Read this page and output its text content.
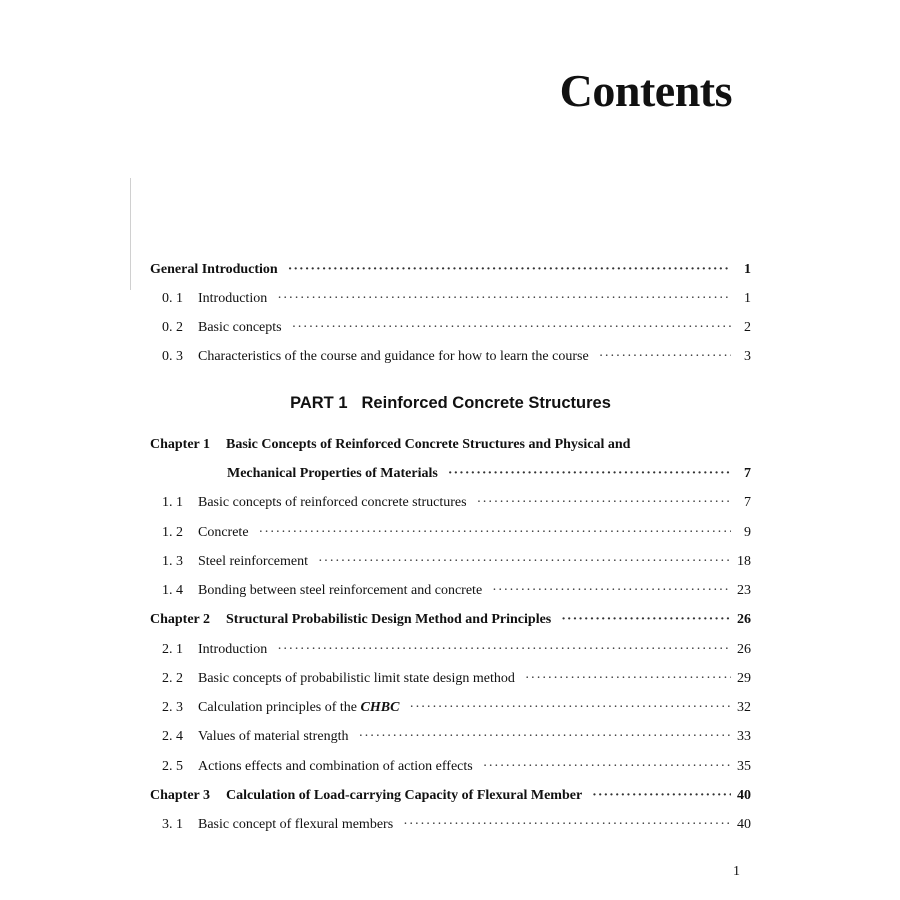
Contents
General Introduction ·····	1
0. 1	Introduction ·····	1
0. 2	Basic concepts ·····	2
0. 3	Characteristics of the course and guidance for how to learn the course ·····	3
PART 1 Reinforced Concrete Structures
Chapter 1 Basic Concepts of Reinforced Concrete Structures and Physical and
Mechanical Properties of Materials ·····	7
1. 1	Basic concepts of reinforced concrete structures ·····	7
1. 2	Concrete ·····	9
1. 3	Steel reinforcement ·····	18
1. 4	Bonding between steel reinforcement and concrete ·····	23
Chapter 2	Structural Probabilistic Design Method and Principles ·····	26
2. 1	Introduction ·····	26
2. 2	Basic concepts of probabilistic limit state design method ·····	29
2. 3	Calculation principles of the CHBC ·····	32
2. 4	Values of material strength ·····	33
2. 5	Actions effects and combination of action effects ·····	35
Chapter 3	Calculation of Load-carrying Capacity of Flexural Member ·····	40
3. 1	Basic concept of flexural members ·····	40
1
